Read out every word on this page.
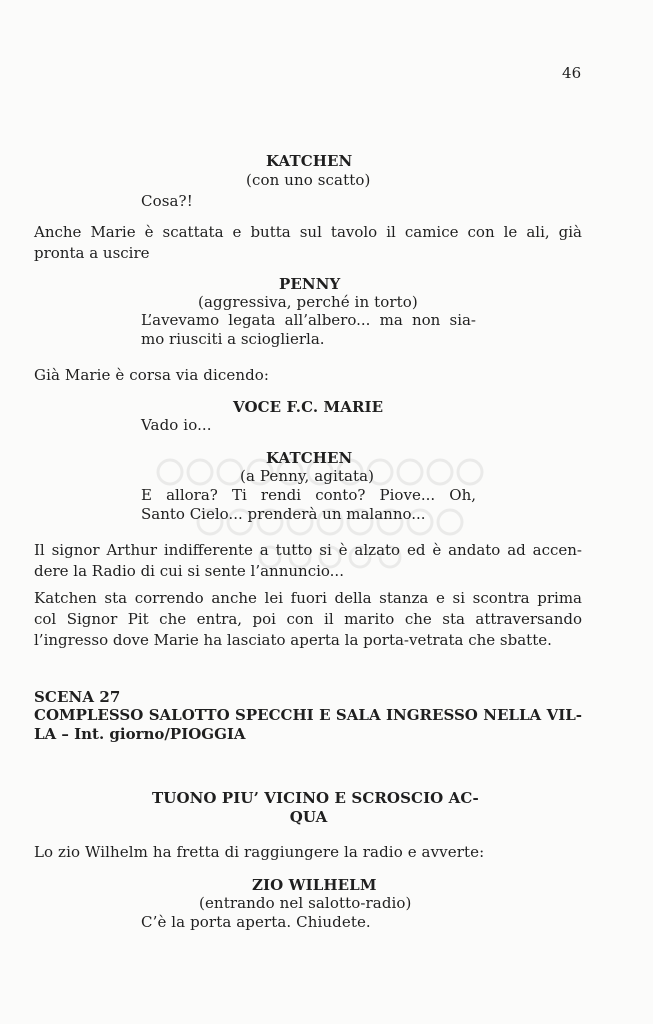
46
KATCHEN
(con uno scatto)
Cosa?!
Anche Marie è scattata e butta sul tavolo il camice con le ali, già
pronta a uscire
PENNY
(aggressiva, perché in torto)
L’avevamo legata all’albero... ma non sia-
mo riusciti a scioglierla.
Già Marie è corsa via dicendo:
VOCE F.C. MARIE
Vado io...
KATCHEN
(a Penny, agitata)
E allora? Ti rendi conto? Piove... Oh,
Santo Cielo... prenderà un malanno...
Il signor Arthur indifferente a tutto si è alzato ed è andato ad accen-
dere la Radio di cui si sente l’annuncio...
Katchen sta correndo anche lei fuori della stanza e si scontra prima
col Signor Pit che entra, poi con il marito che sta attraversando
l’ingresso dove Marie ha lasciato aperta la porta-vetrata che sbatte.
SCENA 27
COMPLESSO SALOTTO SPECCHI E SALA INGRESSO NELLA VIL-
LA – Int. giorno/PIOGGIA
TUONO PIU’ VICINO E SCROSCIO AC-
QUA
Lo zio Wilhelm ha fretta di raggiungere la radio e avverte:
ZIO WILHELM
(entrando nel salotto-radio)
C’è la porta aperta. Chiudete.
